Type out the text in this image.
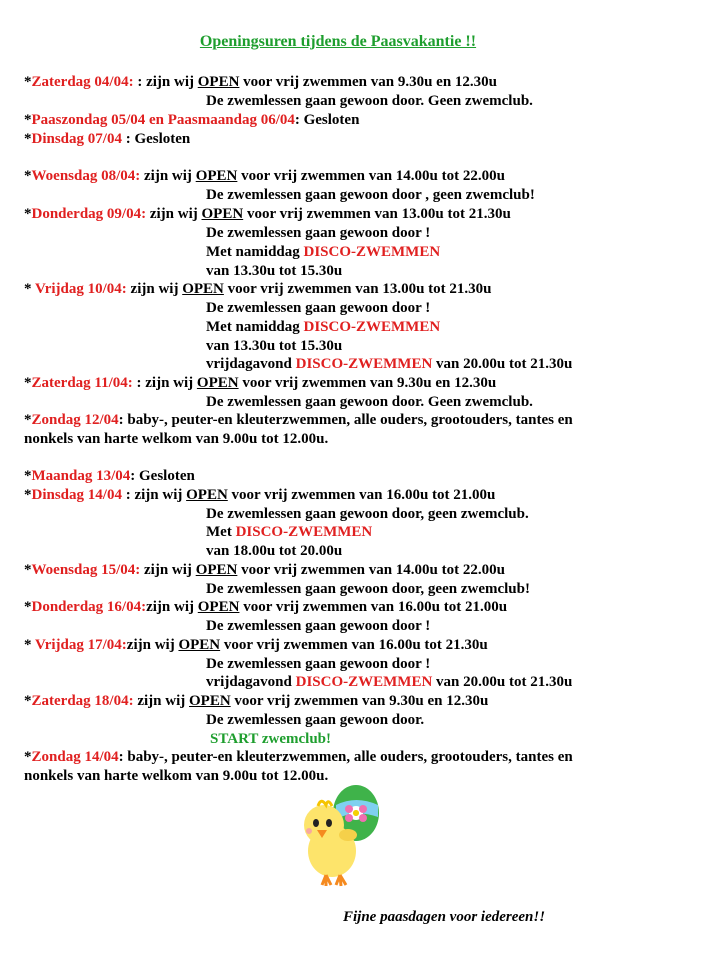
Openingsuren tijdens de Paasvakantie !!
*Zaterdag 04/04: : zijn wij OPEN voor vrij zwemmen van 9.30u en 12.30u
De zwemlessen gaan gewoon door. Geen zwemclub.
*Paaszondag 05/04 en Paasmaandag 06/04: Gesloten
*Dinsdag 07/04 : Gesloten
*Woensdag 08/04: zijn wij OPEN voor vrij zwemmen van 14.00u tot 22.00u
De zwemlessen gaan gewoon door , geen zwemclub!
*Donderdag 09/04: zijn wij OPEN voor vrij zwemmen van 13.00u tot 21.30u
De zwemlessen gaan gewoon door !
Met namiddag DISCO-ZWEMMEN
van 13.30u tot 15.30u
* Vrijdag 10/04: zijn wij OPEN voor vrij zwemmen van 13.00u tot 21.30u
De zwemlessen gaan gewoon door !
Met namiddag DISCO-ZWEMMEN
van 13.30u tot 15.30u
vrijdagavond DISCO-ZWEMMEN van 20.00u tot 21.30u
*Zaterdag 11/04: : zijn wij OPEN voor vrij zwemmen van 9.30u en 12.30u
De zwemlessen gaan gewoon door. Geen zwemclub.
*Zondag 12/04: baby-, peuter-en kleuterzwemmen, alle ouders, grootouders, tantes en
nonkels van harte welkom van 9.00u tot 12.00u.
*Maandag 13/04: Gesloten
*Dinsdag 14/04 : zijn wij OPEN voor vrij zwemmen van 16.00u tot 21.00u
De zwemlessen gaan gewoon door, geen zwemclub.
Met DISCO-ZWEMMEN
van 18.00u tot 20.00u
*Woensdag 15/04: zijn wij OPEN voor vrij zwemmen van 14.00u tot 22.00u
De zwemlessen gaan gewoon door, geen zwemclub!
*Donderdag 16/04:zijn wij OPEN voor vrij zwemmen van 16.00u tot 21.00u
De zwemlessen gaan gewoon door !
* Vrijdag 17/04:zijn wij OPEN voor vrij zwemmen van 16.00u tot 21.30u
De zwemlessen gaan gewoon door !
vrijdagavond DISCO-ZWEMMEN van 20.00u tot 21.30u
*Zaterdag 18/04: zijn wij OPEN voor vrij zwemmen van 9.30u en 12.30u
De zwemlessen gaan gewoon door.
START zwemclub!
*Zondag 14/04: baby-, peuter-en kleuterzwemmen, alle ouders, grootouders, tantes en
nonkels van harte welkom van 9.00u tot 12.00u.
Fijne paasdagen voor iedereen!!
